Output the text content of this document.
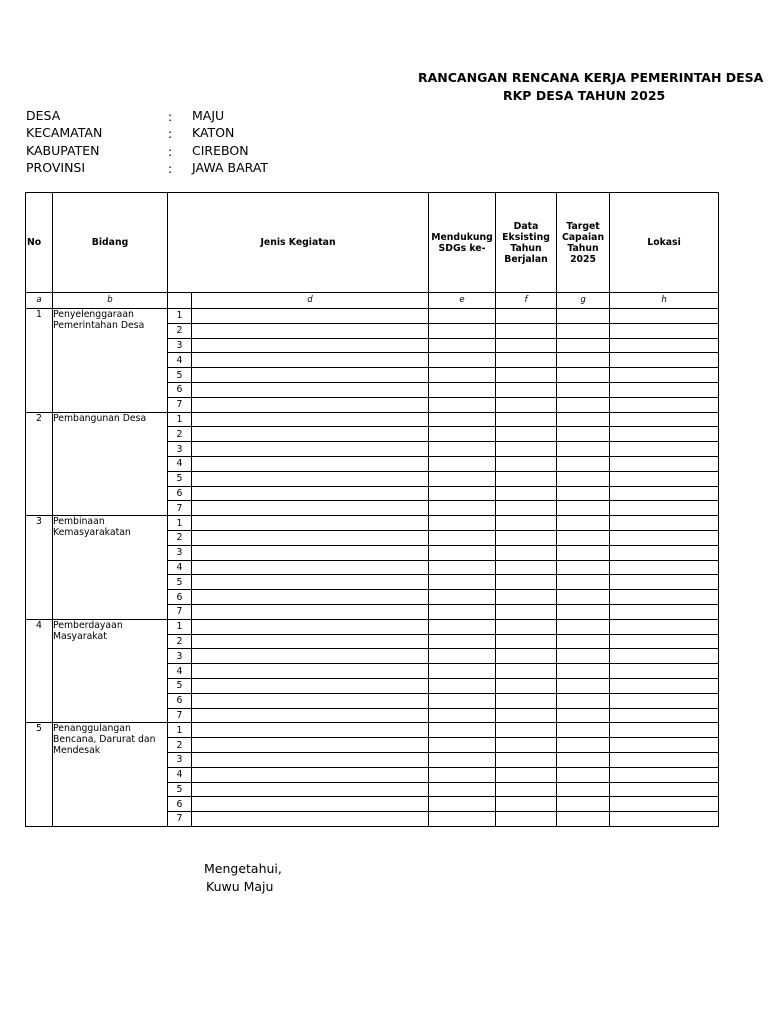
RANCANGAN RENCANA KERJA PEMERINTAH DESA
RKP DESA TAHUN 2025
DESA	: MAJU
KECAMATAN	: KATON
KABUPATEN	: CIREBON
PROVINSI	: JAWA BARAT
No	Bidang	Jenis Kegiatan		Mendukung SDGs ke-	Data Eksisting Tahun Berjalan	Target Capaian Tahun 2025	Lokasi
a	b		d	e	f	g	h
1	Penyelenggaraan Pemerintahan Desa	1					
		2					
		3					
		4					
		5					
		6					
		7					
2	Pembangunan Desa	1					
		2					
		3					
		4					
		5					
		6					
		7					
3	Pembinaan Kemasyarakatan	1					
		2					
		3					
		4					
		5					
		6					
		7					
4	Pemberdayaan Masyarakat	1					
		2					
		3					
		4					
		5					
		6					
		7					
5	Penanggulangan Bencana, Darurat dan Mendesak	1					
		2					
		3					
		4					
		5					
		6					
		7					
Mengetahui,
Kuwu Maju
